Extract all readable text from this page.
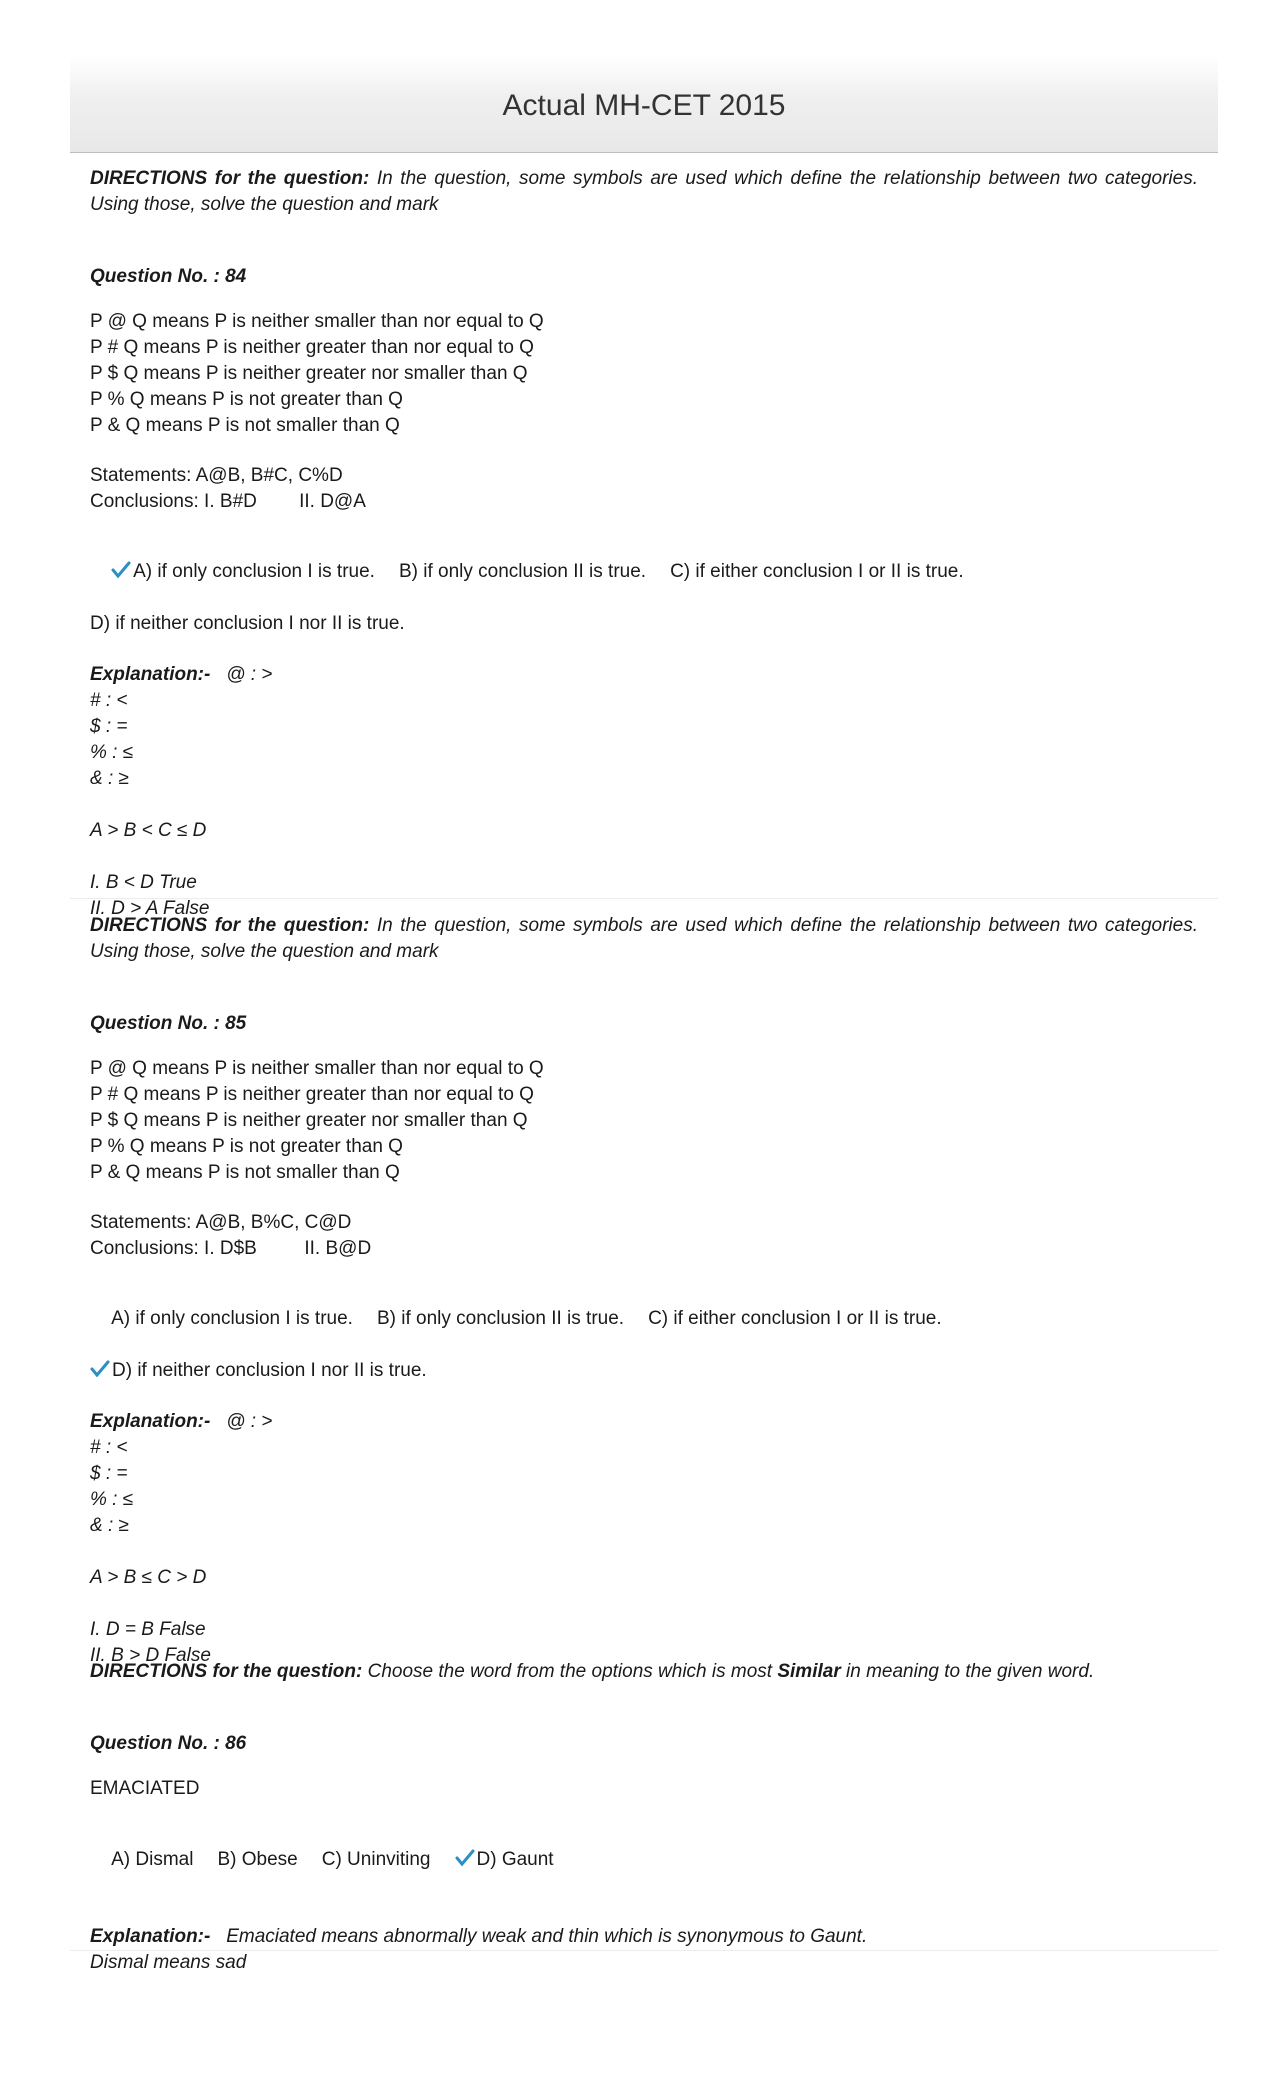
Actual MH-CET 2015
DIRECTIONS for the question: In the question, some symbols are used which define the relationship between two categories. Using those, solve the question and mark
Question No. : 84
P @ Q means P is neither smaller than nor equal to Q
P # Q means P is neither greater than nor equal to Q
P $ Q means P is neither greater nor smaller than Q
P % Q means P is not greater than Q
P & Q means P is not smaller than Q
Statements: A@B, B#C, C%D
Conclusions: I. B#D        II. D@A

A) if only conclusion I is true. B) if only conclusion II is true. C) if either conclusion I or II is true.

D) if neither conclusion I nor II is true.
Explanation:- @ : >
# : <
$ : =
% : ≤
& : ≥
A > B < C ≤ D
I. B < D True
II. D > A False
DIRECTIONS for the question: In the question, some symbols are used which define the relationship between two categories. Using those, solve the question and mark
Question No. : 85
P @ Q means P is neither smaller than nor equal to Q
P # Q means P is neither greater than nor equal to Q
P $ Q means P is neither greater nor smaller than Q
P % Q means P is not greater than Q
P & Q means P is not smaller than Q
Statements: A@B, B%C, C@D
Conclusions: I. D$B         II. B@D

A) if only conclusion I is true. B) if only conclusion II is true. C) if either conclusion I or II is true.

D) if neither conclusion I nor II is true.
Explanation:- @ : >
# : <
$ : =
% : ≤
& : ≥
A > B ≤ C > D
I. D = B False
II. B > D False
DIRECTIONS for the question: Choose the word from the options which is most Similar in meaning to the given word.
Question No. : 86
EMACIATED

A) Dismal B) Obese C) Uninviting D) Gaunt

Explanation:- Emaciated means abnormally weak and thin which is synonymous to Gaunt.
Dismal means sad
